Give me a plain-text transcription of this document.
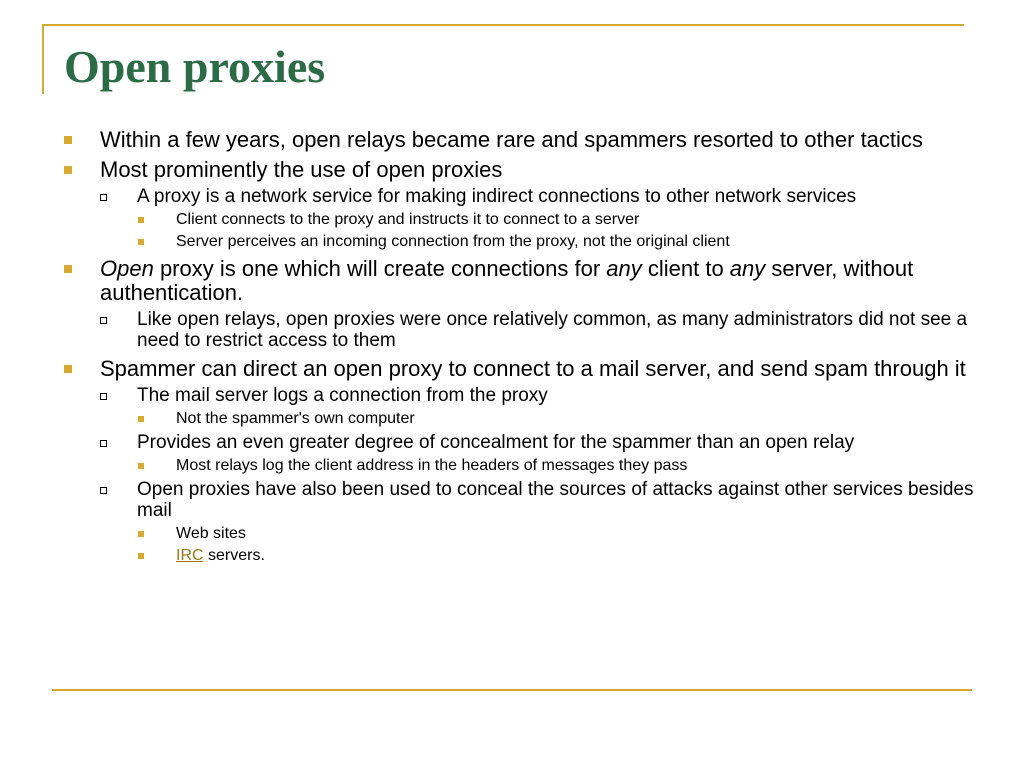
Open proxies
Within a few years, open relays became rare and spammers resorted to other tactics
Most prominently the use of open proxies
A proxy is a network service for making indirect connections to other network services
Client connects to the proxy and instructs it to connect to a server
Server perceives an incoming connection from the proxy, not the original client
Open proxy is one which will create connections for any client to any server, without authentication.
Like open relays, open proxies were once relatively common, as many administrators did not see a need to restrict access to them
Spammer can direct an open proxy to connect to a mail server, and send spam through it
The mail server logs a connection from the proxy
Not the spammer's own computer
Provides an even greater degree of concealment for the spammer than an open relay
Most relays log the client address in the headers of messages they pass
Open proxies have also been used to conceal the sources of attacks against other services besides mail
Web sites
IRC servers.
